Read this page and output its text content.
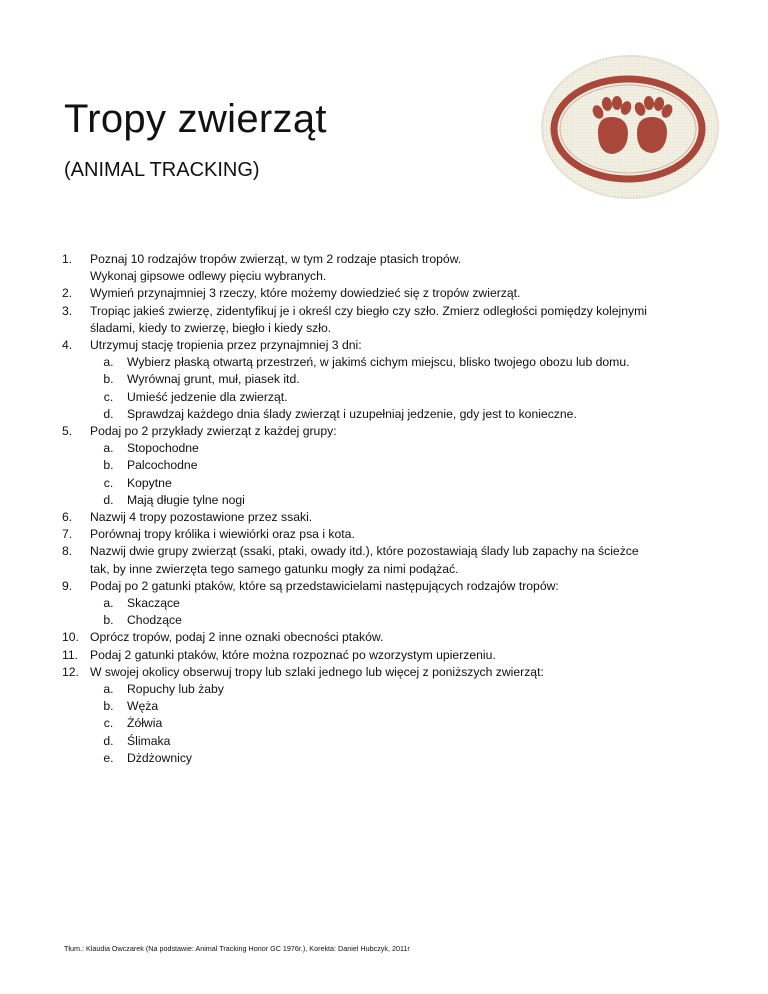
Tropy zwierząt
(ANIMAL TRACKING)
1.	Poznaj 10 rodzajów tropów zwierząt, w tym 2 rodzaje ptasich tropów.
Wykonaj gipsowe odlewy pięciu wybranych.
2.	Wymień przynajmniej 3 rzeczy, które możemy dowiedzieć się z tropów zwierząt.
3.	Tropiąc jakieś zwierzę, zidentyfikuj je i określ czy biegło czy szło. Zmierz odległości pomiędzy kolejnymi
śladami, kiedy to zwierzę, biegło i kiedy szło.
4.	Utrzymuj stację tropienia przez przynajmniej 3 dni:
a.	Wybierz płaską otwartą przestrzeń, w jakimś cichym miejscu, blisko twojego obozu lub domu.
b.	Wyrównaj grunt, muł, piasek itd.
c.	Umieść jedzenie dla zwierząt.
d.	Sprawdzaj każdego dnia ślady zwierząt i uzupełniaj jedzenie, gdy jest to konieczne.
5.	Podaj po 2 przykłady zwierząt z każdej grupy:
a.	Stopochodne
b.	Palcochodne
c.	Kopytne
d.	Mają długie tylne nogi
6.	Nazwij 4 tropy pozostawione przez ssaki.
7.	Porównaj tropy królika i wiewiórki oraz psa i kota.
8.	Nazwij dwie grupy zwierząt (ssaki, ptaki, owady itd.), które pozostawiają ślady lub zapachy na ścieżce
tak, by inne zwierzęta tego samego gatunku mogły za nimi podążać.
9.	Podaj po 2 gatunki ptaków, które są przedstawicielami następujących rodzajów tropów:
a.	Skaczące
b.	Chodzące
10. Oprócz tropów, podaj 2 inne oznaki obecności ptaków.
11. Podaj 2 gatunki ptaków, które można rozpoznać po wzorzystym upierzeniu.
12. W swojej okolicy obserwuj tropy lub szlaki jednego lub więcej z poniższych zwierząt:
a.	Ropuchy lub żaby
b.	Węża
c.	Żółwia
d.	Ślimaka
e.	Dżdżownicy
Tłum.: Klaudia Owczarek (Na podstawie: Animal Tracking Honor GC 1976r.), Korekta: Daniel Hubczyk, 2011r
